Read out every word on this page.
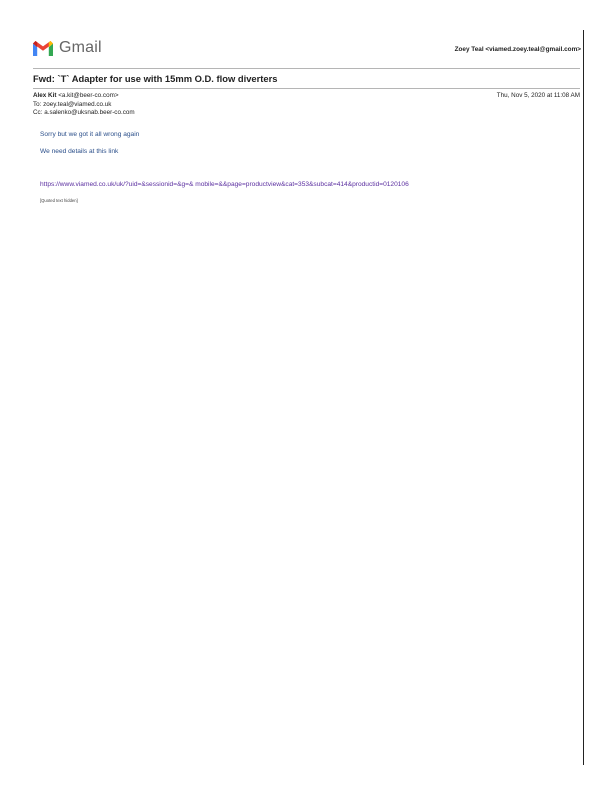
Gmail	Zoey Teal <viamed.zoey.teal@gmail.com>
Fwd: `T` Adapter for use with 15mm O.D. flow diverters
Alex Kit <a.kit@beer-co.com>
To: zoey.teal@viamed.co.uk
Cc: a.salenko@uksnab.beer-co.com
Thu, Nov 5, 2020 at 11:08 AM

Sorry but we got it all wrong again

We need details at this link

https://www.viamed.co.uk/uk/?uid=&sessionid=&g=& mobile=&&page=productview&cat=353&subcat=414&productid=0120106
[Quoted text hidden]
